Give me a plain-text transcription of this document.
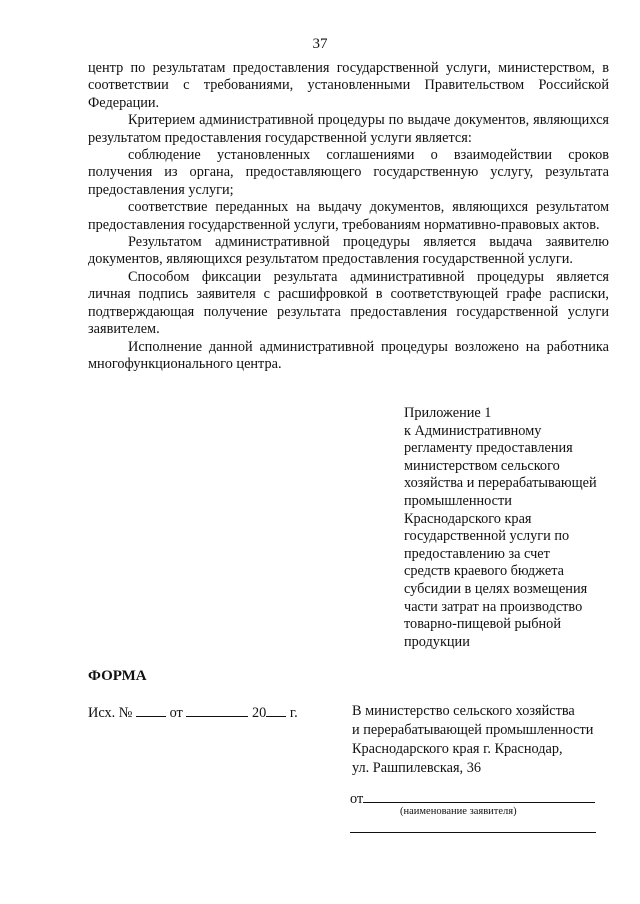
37

центр по результатам предоставления государственной услуги, министерством, в соответствии с требованиями, установленными Правительством Российской Федерации.

Критерием административной процедуры по выдаче документов, являющихся результатом предоставления государственной услуги является:

соблюдение установленных соглашениями о взаимодействии сроков получения из органа, предоставляющего государственную услугу, результата предоставления услуги;

соответствие переданных на выдачу документов, являющихся результатом предоставления государственной услуги, требованиям нормативно-правовых актов.

Результатом административной процедуры является выдача заявителю документов, являющихся результатом предоставления государственной услуги.

Способом фиксации результата административной процедуры является личная подпись заявителя с расшифровкой в соответствующей графе расписки, подтверждающая получение результата предоставления государственной услуги заявителем.

Исполнение данной административной процедуры возложено на работника многофункционального центра.

Приложение 1
к Административному
регламенту предоставления
министерством сельского
хозяйства и перерабатывающей
промышленности
Краснодарского края
государственной услуги по
предоставлению за счет
средств краевого бюджета
субсидии в целях возмещения
части затрат на производство
товарно-пищевой рыбной
продукции
ФОРМА
Исх. №	от	20 г.	В министерство сельского хозяйства
и перерабатывающей промышленности
Краснодарского края г. Краснодар,
ул. Рашпилевская, 36
от
(наименование заявителя)
